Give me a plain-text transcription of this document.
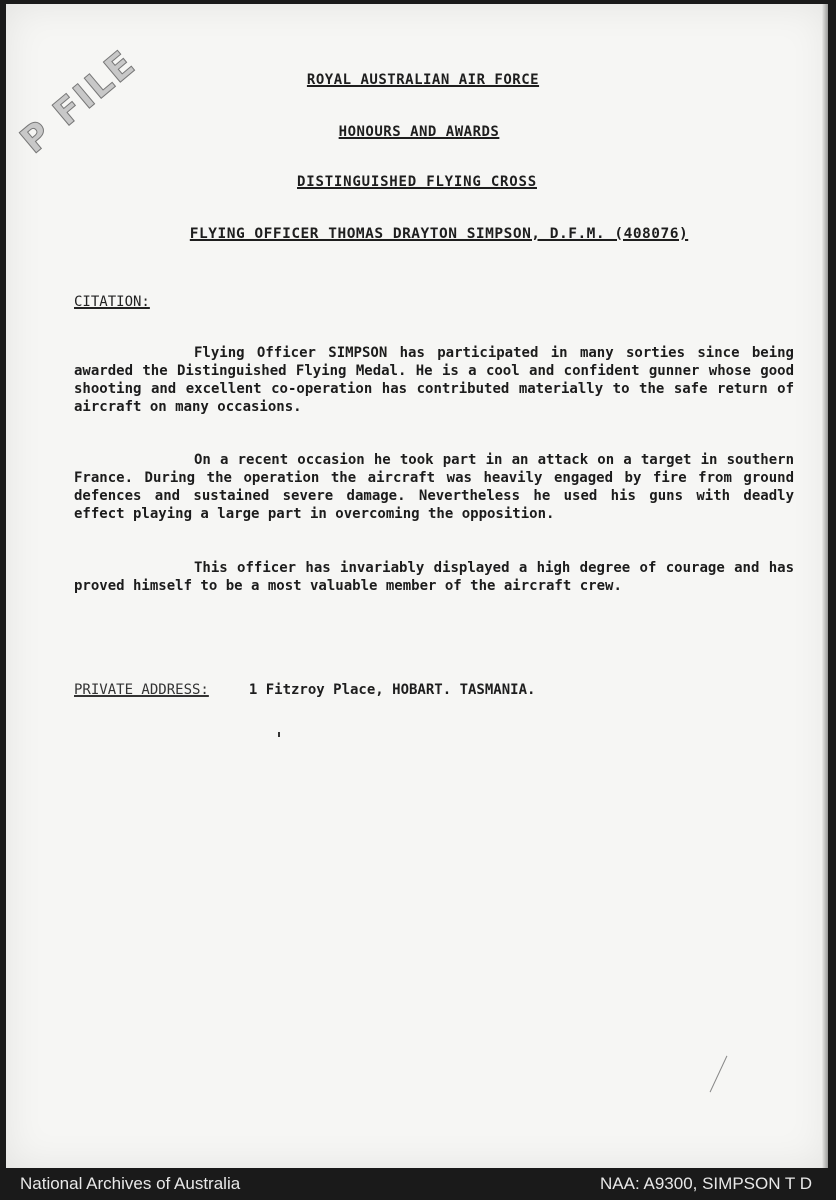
P FILE	ROYAL AUSTRALIAN AIR FORCE

HONOURS AND AWARDS

DISTINGUISHED FLYING CROSS

FLYING OFFICER THOMAS DRAYTON SIMPSON, D.F.M. (408076)

CITATION:

Flying Officer SIMPSON has participated in many sorties since being awarded the Distinguished Flying Medal. He is a cool and confident gunner whose good shooting and excellent co-operation has contributed materially to the safe return of aircraft on many occasions.

On a recent occasion he took part in an attack on a target in southern France. During the operation the aircraft was heavily engaged by fire from ground defences and sustained severe damage. Nevertheless he used his guns with deadly effect playing a large part in overcoming the opposition.

This officer has invariably displayed a high degree of courage and has proved himself to be a most valuable member of the aircraft crew.

PRIVATE ADDRESS:	1 Fitzroy Place, HOBART. TASMANIA.

National Archives of Australia	NAA: A9300, SIMPSON T D
